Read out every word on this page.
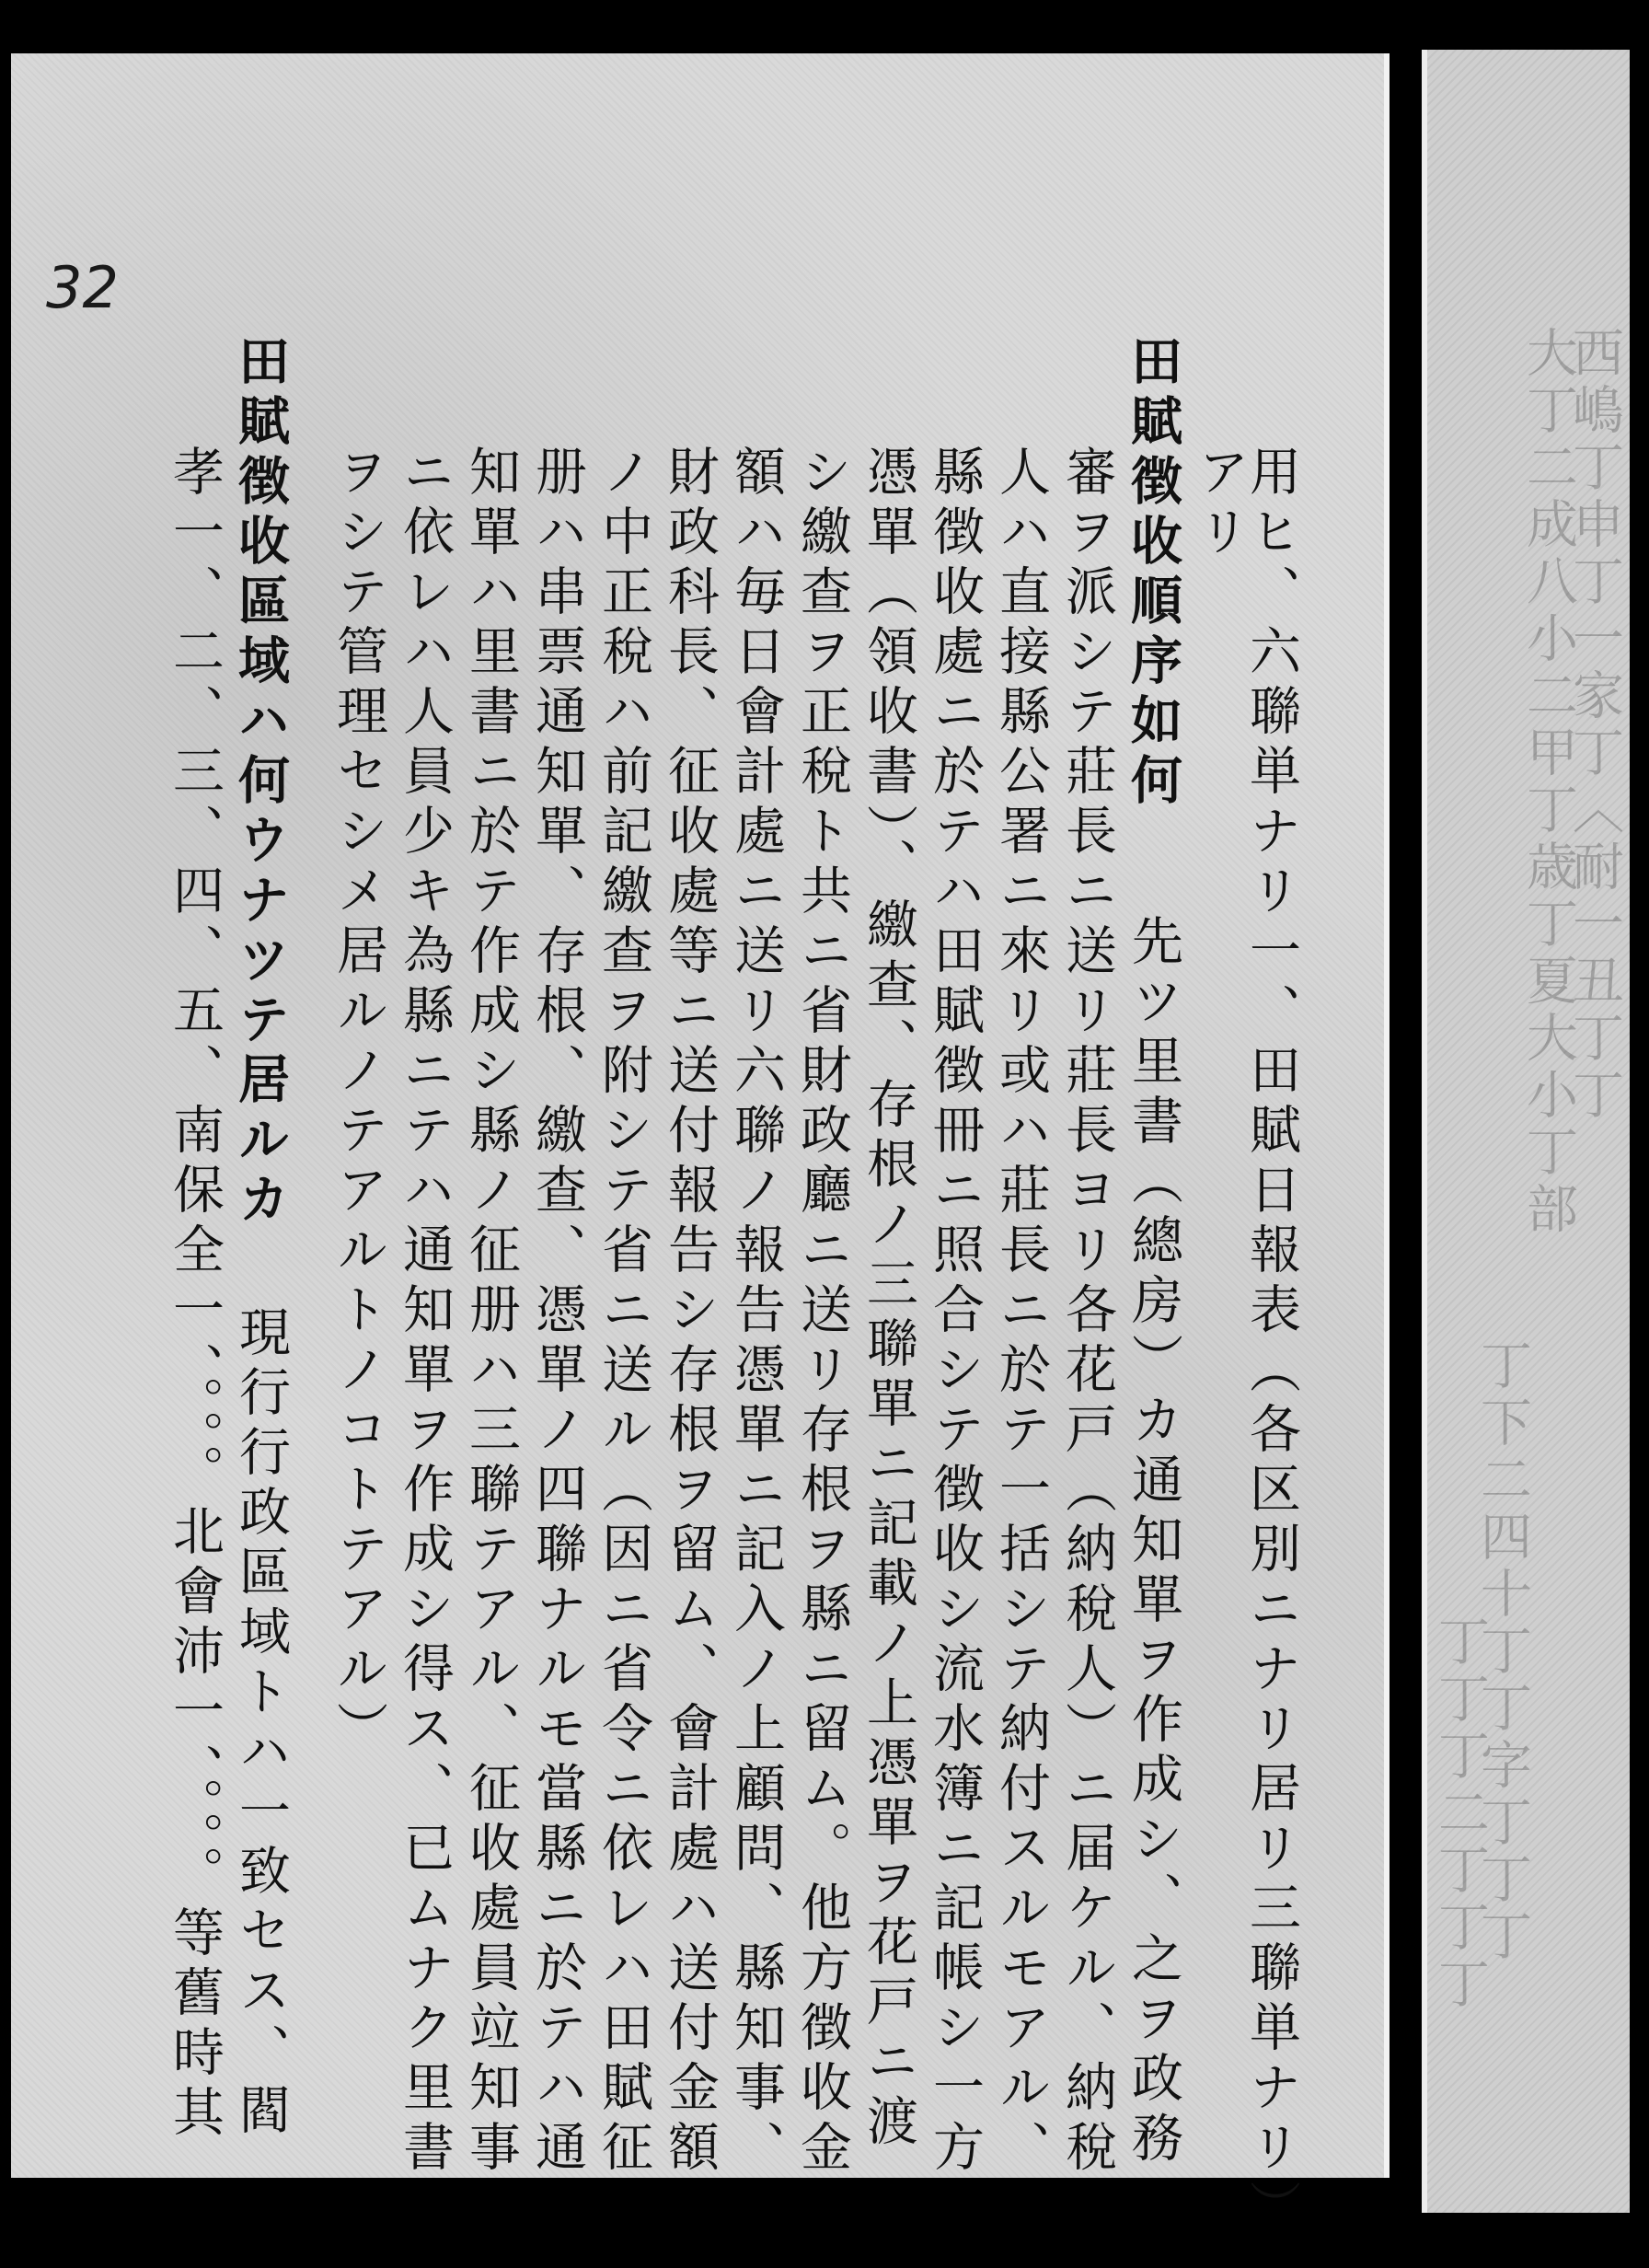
32
用ヒ、六聯単ナリ一、田賦日報表（各区別ニナリ居リ三聯単ナリ）
アリ
田賦徴收順序如何
先ツ里書（總房）カ通知單ヲ作成シ、之ヲ政務
審ヲ派シテ莊長ニ送リ莊長ヨリ各花戸（納稅人）ニ届ケル、納稅
人ハ直接縣公署ニ來リ或ハ莊長ニ於テ一括シテ納付スルモアル、
縣徴收處ニ於テハ田賦徴冊ニ照合シテ徴收シ流水簿ニ記帳シ一方
憑單（領收書）、繳查、存根ノ三聯單ニ記載ノ上憑單ヲ花戸ニ渡
シ繳查ヲ正稅ト共ニ省財政廳ニ送リ存根ヲ縣ニ留ム。他方徴收金
額ハ毎日會計處ニ送リ六聯ノ報告憑單ニ記入ノ上顧問、縣知事、
財政科長、征收處等ニ送付報告シ存根ヲ留ム、會計處ハ送付金額
ノ中正稅ハ前記繳查ヲ附シテ省ニ送ル（因ニ省令ニ依レハ田賦征
册ハ串票通知單、存根、繳查、憑單ノ四聯ナルモ當縣ニ於テハ通
知單ハ里書ニ於テ作成シ縣ノ征册ハ三聯テアル、征收處員竝知事
ニ依レハ人員少キ為縣ニテハ通知單ヲ作成シ得ス、已ムナク里書
ヲシテ管理セシメ居ルノテアルトノコトテアル）
田賦徴收區域ハ何ウナツテ居ルカ
現行行政區域トハ一致セス、閻
孝一、二、三、四、五、南保全一、。。。北會沛一、。。。等舊時其	西嶋丁申丁一家丁〈耐一丑丁丁
大丁二成八小二甲丁歳丁夏大小丁部
丁下二四十丁丁字丁丁丁
丁丁丁二丁丁丁
